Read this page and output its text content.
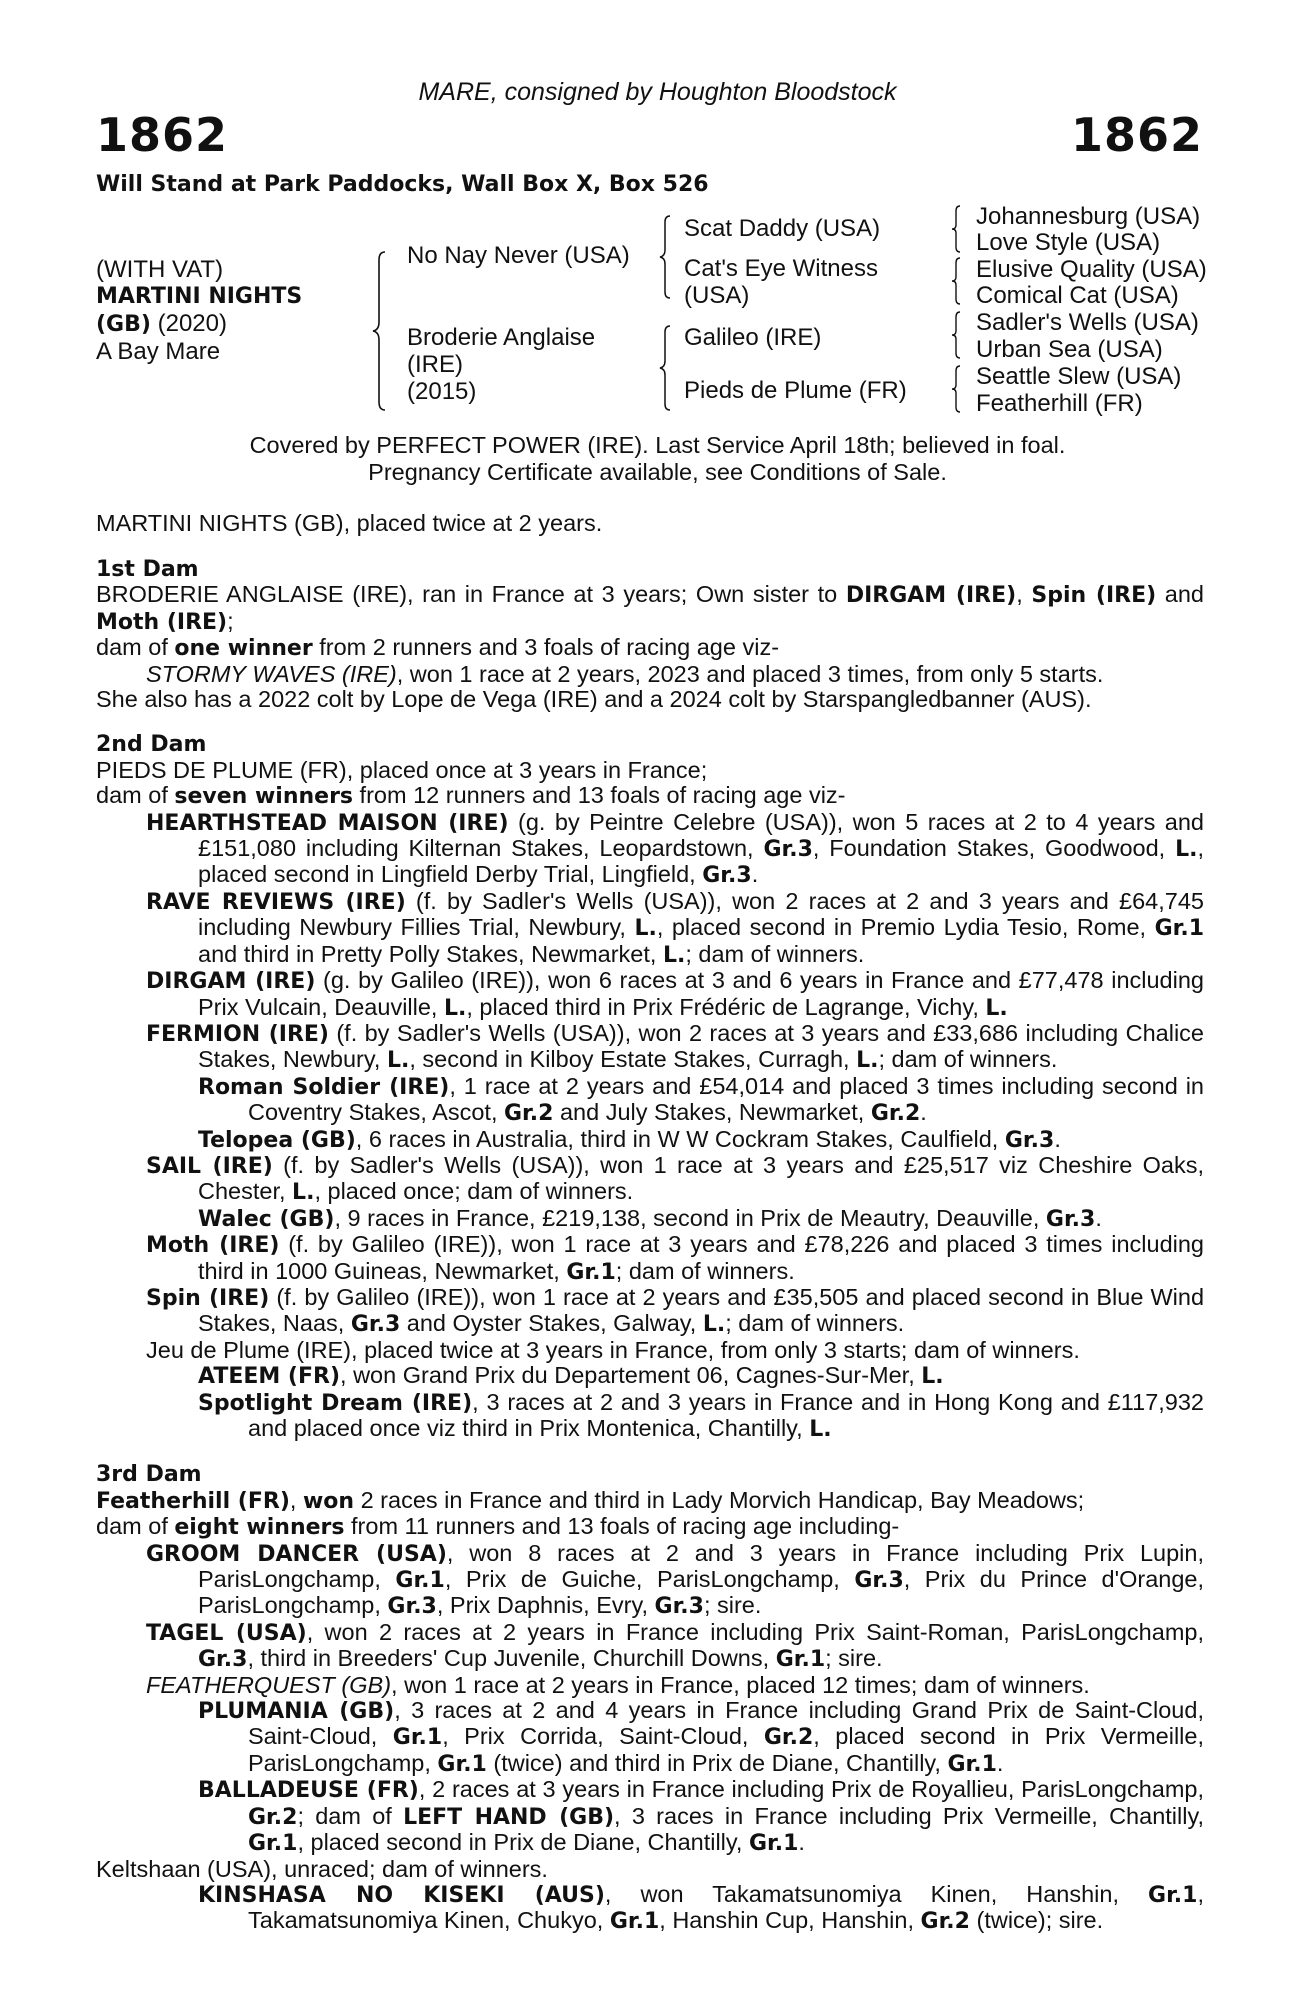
MARE, consigned by Houghton Bloodstock
1862	1862
Will Stand at Park Paddocks, Wall Box X, Box 526
(WITH VAT)
MARTINI NIGHTS
(GB) (2020)
A Bay Mare
No Nay Never (USA)
Broderie Anglaise
(IRE)
(2015)
Scat Daddy (USA)
Cat's Eye Witness
(USA)
Galileo (IRE)
Pieds de Plume (FR)
Johannesburg (USA)
Love Style (USA)
Elusive Quality (USA)
Comical Cat (USA)
Sadler's Wells (USA)
Urban Sea (USA)
Seattle Slew (USA)
Featherhill (FR)
Covered by PERFECT POWER (IRE). Last Service April 18th; believed in foal.
Pregnancy Certificate available, see Conditions of Sale.
MARTINI NIGHTS (GB), placed twice at 2 years.

1st Dam

BRODERIE ANGLAISE (IRE), ran in France at 3 years; Own sister to DIRGAM (IRE), Spin (IRE) and Moth (IRE);

dam of one winner from 2 runners and 3 foals of racing age viz-

STORMY WAVES (IRE), won 1 race at 2 years, 2023 and placed 3 times, from only 5 starts.

She also has a 2022 colt by Lope de Vega (IRE) and a 2024 colt by Starspangledbanner (AUS).

2nd Dam

PIEDS DE PLUME (FR), placed once at 3 years in France;

dam of seven winners from 12 runners and 13 foals of racing age viz-

HEARTHSTEAD MAISON (IRE) (g. by Peintre Celebre (USA)), won 5 races at 2 to 4 years and £151,080 including Kilternan Stakes, Leopardstown, Gr.3, Foundation Stakes, Goodwood, L., placed second in Lingfield Derby Trial, Lingfield, Gr.3.

RAVE REVIEWS (IRE) (f. by Sadler's Wells (USA)), won 2 races at 2 and 3 years and £64,745 including Newbury Fillies Trial, Newbury, L., placed second in Premio Lydia Tesio, Rome, Gr.1 and third in Pretty Polly Stakes, Newmarket, L.; dam of winners.

DIRGAM (IRE) (g. by Galileo (IRE)), won 6 races at 3 and 6 years in France and £77,478 including Prix Vulcain, Deauville, L., placed third in Prix Frédéric de Lagrange, Vichy, L.

FERMION (IRE) (f. by Sadler's Wells (USA)), won 2 races at 3 years and £33,686 including Chalice Stakes, Newbury, L., second in Kilboy Estate Stakes, Curragh, L.; dam of winners.

Roman Soldier (IRE), 1 race at 2 years and £54,014 and placed 3 times including second in Coventry Stakes, Ascot, Gr.2 and July Stakes, Newmarket, Gr.2.

Telopea (GB), 6 races in Australia, third in W W Cockram Stakes, Caulfield, Gr.3.

SAIL (IRE) (f. by Sadler's Wells (USA)), won 1 race at 3 years and £25,517 viz Cheshire Oaks, Chester, L., placed once; dam of winners.

Walec (GB), 9 races in France, £219,138, second in Prix de Meautry, Deauville, Gr.3.

Moth (IRE) (f. by Galileo (IRE)), won 1 race at 3 years and £78,226 and placed 3 times including third in 1000 Guineas, Newmarket, Gr.1; dam of winners.

Spin (IRE) (f. by Galileo (IRE)), won 1 race at 2 years and £35,505 and placed second in Blue Wind Stakes, Naas, Gr.3 and Oyster Stakes, Galway, L.; dam of winners.

Jeu de Plume (IRE), placed twice at 3 years in France, from only 3 starts; dam of winners.

ATEEM (FR), won Grand Prix du Departement 06, Cagnes-Sur-Mer, L.

Spotlight Dream (IRE), 3 races at 2 and 3 years in France and in Hong Kong and £117,932 and placed once viz third in Prix Montenica, Chantilly, L.

3rd Dam

Featherhill (FR), won 2 races in France and third in Lady Morvich Handicap, Bay Meadows;

dam of eight winners from 11 runners and 13 foals of racing age including-

GROOM DANCER (USA), won 8 races at 2 and 3 years in France including Prix Lupin, ParisLongchamp, Gr.1, Prix de Guiche, ParisLongchamp, Gr.3, Prix du Prince d'Orange, ParisLongchamp, Gr.3, Prix Daphnis, Evry, Gr.3; sire.

TAGEL (USA), won 2 races at 2 years in France including Prix Saint-Roman, ParisLongchamp, Gr.3, third in Breeders' Cup Juvenile, Churchill Downs, Gr.1; sire.

FEATHERQUEST (GB), won 1 race at 2 years in France, placed 12 times; dam of winners.

PLUMANIA (GB), 3 races at 2 and 4 years in France including Grand Prix de Saint-Cloud, Saint-Cloud, Gr.1, Prix Corrida, Saint-Cloud, Gr.2, placed second in Prix Vermeille, ParisLongchamp, Gr.1 (twice) and third in Prix de Diane, Chantilly, Gr.1.

BALLADEUSE (FR), 2 races at 3 years in France including Prix de Royallieu, ParisLongchamp, Gr.2; dam of LEFT HAND (GB), 3 races in France including Prix Vermeille, Chantilly, Gr.1, placed second in Prix de Diane, Chantilly, Gr.1.

Keltshaan (USA), unraced; dam of winners.

KINSHASA NO KISEKI (AUS), won Takamatsunomiya Kinen, Hanshin, Gr.1, Takamatsunomiya Kinen, Chukyo, Gr.1, Hanshin Cup, Hanshin, Gr.2 (twice); sire.
